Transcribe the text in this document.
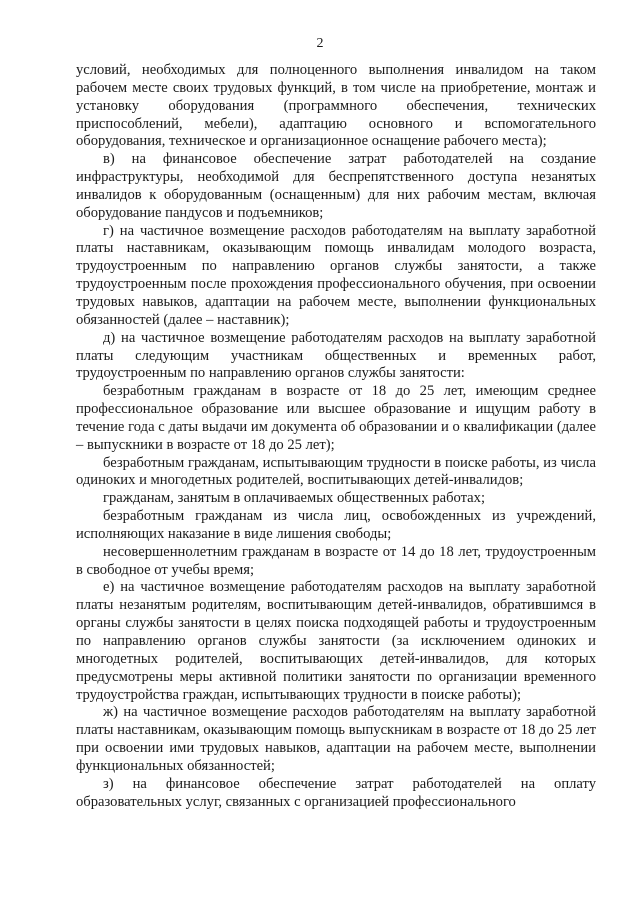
2

условий, необходимых для полноценного выполнения инвалидом на таком рабочем месте своих трудовых функций, в том числе на приобретение, монтаж и установку оборудования (программного обеспечения, технических приспособлений, мебели), адаптацию основного и вспомогательного оборудования, техническое и организационное оснащение рабочего места);

в) на финансовое обеспечение затрат работодателей на создание инфраструктуры, необходимой для беспрепятственного доступа незанятых инвалидов к оборудованным (оснащенным) для них рабочим местам, включая оборудование пандусов и подъемников;

г) на частичное возмещение расходов работодателям на выплату заработной платы наставникам, оказывающим помощь инвалидам молодого возраста, трудоустроенным по направлению органов службы занятости, а также трудоустроенным после прохождения профессионального обучения, при освоении трудовых навыков, адаптации на рабочем месте, выполнении функциональных обязанностей (далее – наставник);

д) на частичное возмещение работодателям расходов на выплату заработной платы следующим участникам общественных и временных работ, трудоустроенным по направлению органов службы занятости:

безработным гражданам в возрасте от 18 до 25 лет, имеющим среднее профессиональное образование или высшее образование и ищущим работу в течение года с даты выдачи им документа об образовании и о квалификации (далее – выпускники в возрасте от 18 до 25 лет);

безработным гражданам, испытывающим трудности в поиске работы, из числа одиноких и многодетных родителей, воспитывающих детей-инвалидов;

гражданам, занятым в оплачиваемых общественных работах;

безработным гражданам из числа лиц, освобожденных из учреждений, исполняющих наказание в виде лишения свободы;

несовершеннолетним гражданам в возрасте от 14 до 18 лет, трудоустроенным в свободное от учебы время;

е) на частичное возмещение работодателям расходов на выплату заработной платы незанятым родителям, воспитывающим детей-инвалидов, обратившимся в органы службы занятости в целях поиска подходящей работы и трудоустроенным по направлению органов службы занятости (за исключением одиноких и многодетных родителей, воспитывающих детей-инвалидов, для которых предусмотрены меры активной политики занятости по организации временного трудоустройства граждан, испытывающих трудности в поиске работы);

ж) на частичное возмещение расходов работодателям на выплату заработной платы наставникам, оказывающим помощь выпускникам в возрасте от 18 до 25 лет при освоении ими трудовых навыков, адаптации на рабочем месте, выполнении функциональных обязанностей;

з) на финансовое обеспечение затрат работодателей на оплату образовательных услуг, связанных с организацией профессионального
